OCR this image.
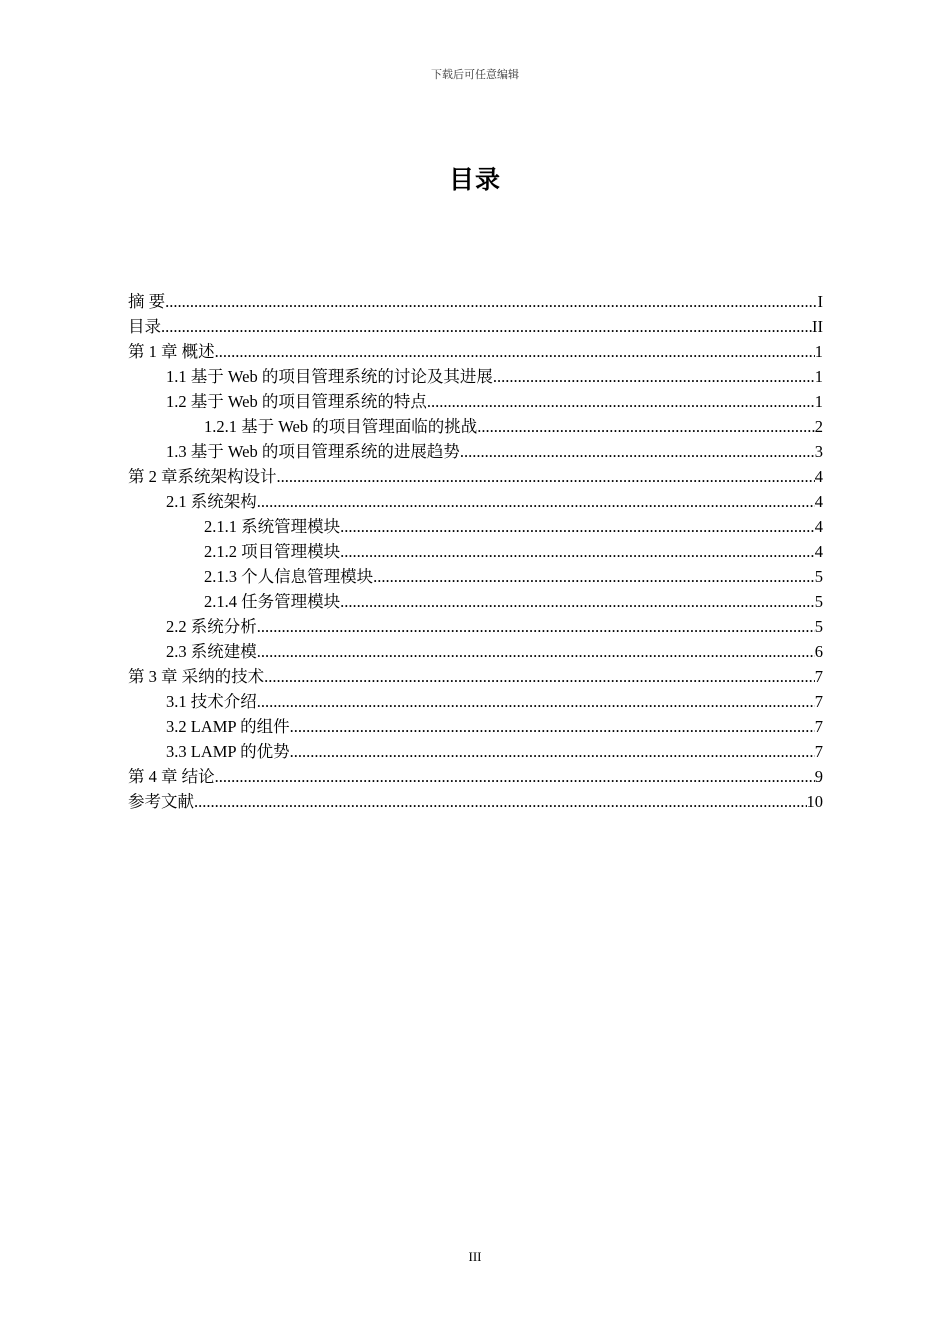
下载后可任意编辑
目录
摘 要 .....	I
目录 .....	II
第 1 章 概述 .....	1
1.1 基于 Web 的项目管理系统的讨论及其进展 .....	1
1.2 基于 Web 的项目管理系统的特点 .....	1
1.2.1 基于 Web 的项目管理面临的挑战 .....	2
1.3 基于 Web 的项目管理系统的进展趋势 .....	3
第 2 章系统架构设计 .....	4
2.1 系统架构 .....	4
2.1.1 系统管理模块 .....	4
2.1.2 项目管理模块 .....	4
2.1.3 个人信息管理模块 .....	5
2.1.4 任务管理模块 .....	5
2.2 系统分析 .....	5
2.3 系统建模 .....	6
第 3 章 采纳的技术 .....	7
3.1 技术介绍 .....	7
3.2 LAMP 的组件 .....	7
3.3 LAMP 的优势 .....	7
第 4 章 结论 .....	9
参考文献 .....	10
III
